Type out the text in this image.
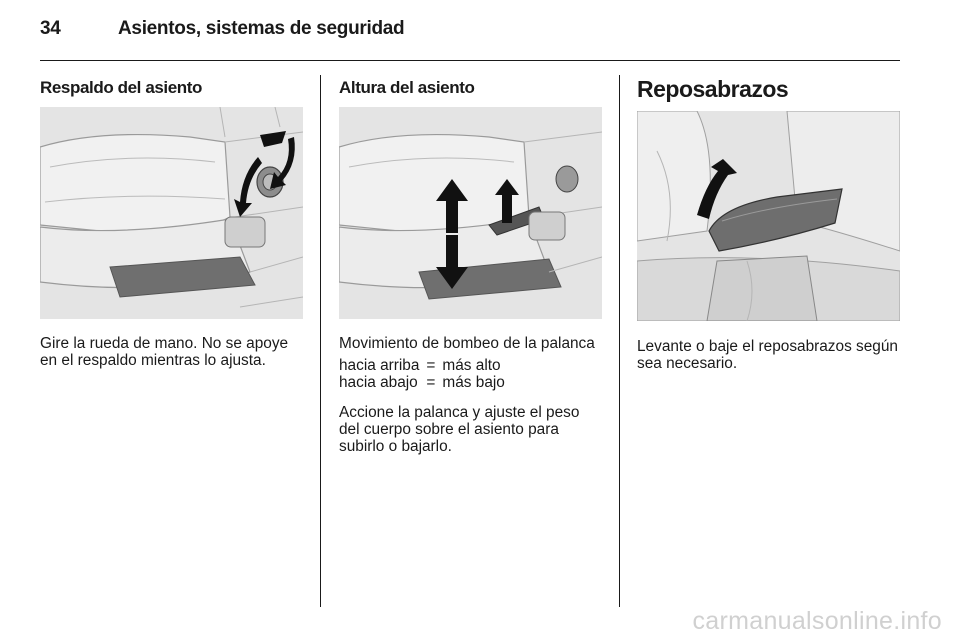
34	Asientos, sistemas de seguridad
Respaldo del asiento

Gire la rueda de mano. No se apoye en el respaldo mientras lo ajusta.

Altura del asiento

Movimiento de bombeo de la palanca

hacia arriba	=	más alto
hacia abajo	=	más bajo

Accione la palanca y ajuste el peso del cuerpo sobre el asiento para subirlo o bajarlo.

Reposabrazos

Levante o baje el reposabrazos según sea necesario.

carmanualsonline.info
